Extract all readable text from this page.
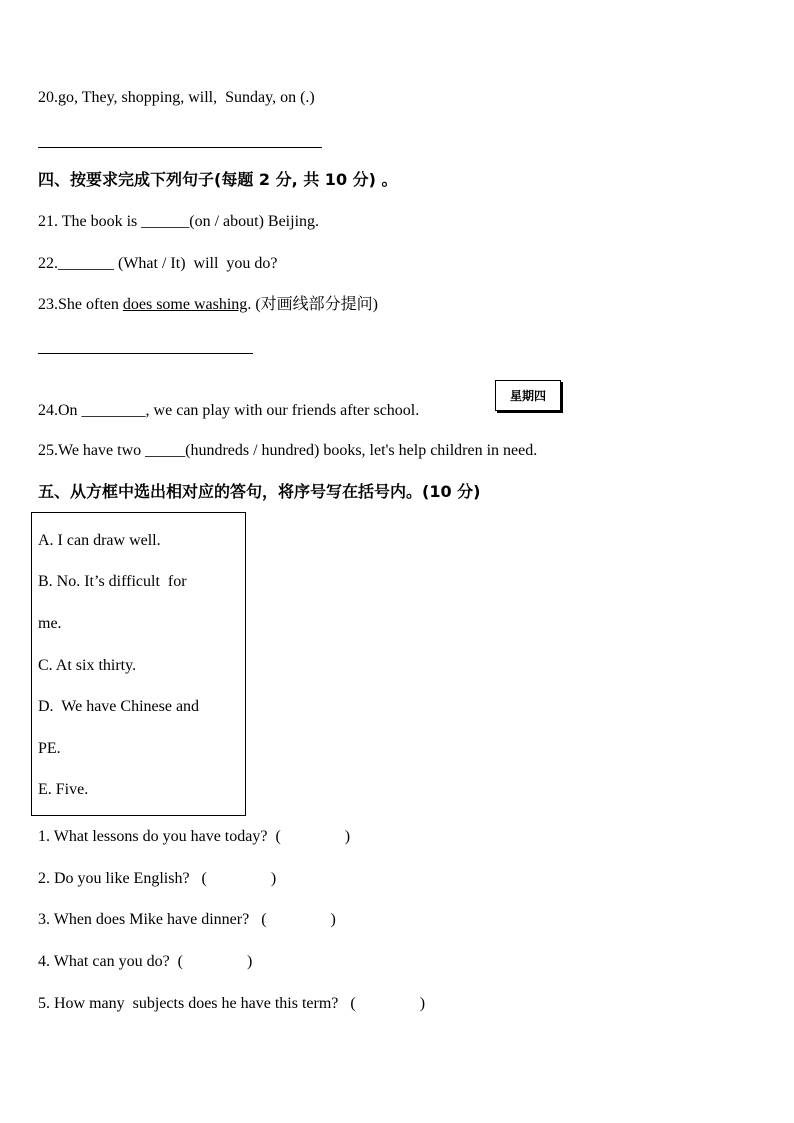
20.go, They, shopping, will,  Sunday, on (.)
四、按要求完成下列句子(每题 2 分, 共 10 分) 。
21. The book is ______(on / about) Beijing.
22._______ (What / It)  will  you do?
23.She often does some washing. (对画线部分提问)
24.On ________, we can play with our friends after school.
星期四
25.We have two _____(hundreds / hundred) books, let's help children in need.
五、从方框中选出相对应的答句，将序号写在括号内。(10 分)
A. I can draw well.
B. No. It’s difficult  for
me.
C. At six thirty.
D.  We have Chinese and
PE.
E. Five.
1. What lessons do you have today?  (                )
2. Do you like English?   (                )
3. When does Mike have dinner?   (                )
4. What can you do?  (                )
5. How many  subjects does he have this term?   (                )
